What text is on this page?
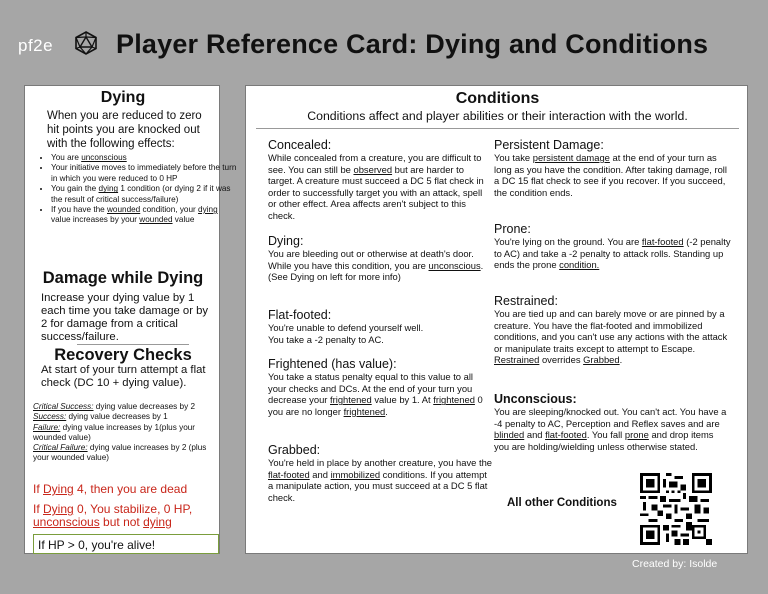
pf2e Player Reference Card: Dying and Conditions
Dying
When you are reduced to zero hit points you are knocked out with the following effects:
• You are unconscious
• Your initiative moves to immediately before the turn in which you were reduced to 0 HP
• You gain the dying 1 condition (or dying 2 if it was the result of critical success/failure)
• If you have the wounded condition, your dying value increases by your wounded value
Damage while Dying
Increase your dying value by 1 each time you take damage or by 2 for damage from a critical success/failure.
Recovery Checks
At start of your turn attempt a flat check (DC 10 + dying value).
Critical Success: dying value decreases by 2
Success: dying value decreases by 1
Failure: dying value increases by 1(plus your wounded value)
Critical Failure: dying value increases by 2 (plus your wounded value)
If Dying 4, then you are dead
If Dying 0, You stabilize, 0 HP, unconscious but not dying
If HP > 0, you're alive!
Conditions
Conditions affect and player abilities or their interaction with the world.
Concealed:

While concealed from a creature, you are difficult to see. You can still be observed but are harder to target. A creature must succeed a DC 5 flat check in order to successfully target you with an attack, spell or other effect. Area affects aren't subject to this check.

Dying:

You are bleeding out or otherwise at death's door. While you have this condition, you are unconscious.

(See Dying on left for more info)

Flat-footed:

You're unable to defend yourself well.

You take a -2 penalty to AC.

Frightened (has value):

You take a status penalty equal to this value to all your checks and DCs. At the end of your turn you decrease your frightened value by 1. At frightened 0

you are no longer frightened.

Grabbed:

You're held in place by another creature, you have the flat-footed and immobilized conditions. If you attempt a manipulate action, you must succeed at a DC 5 flat check.

Persistent Damage:

You take persistent damage at the end of your turn as long as you have the condition. After taking damage, roll a DC 15 flat check to see if you recover. If you succeed, the condition ends.

Prone:

You're lying on the ground. You are flat-footed (-2 penalty to AC) and take a -2 penalty to attack rolls. Standing up ends the prone condition.

Restrained:

You are tied up and can barely move or are pinned by a creature. You have the flat-footed and immobilized conditions, and you can't use any actions with the attack or manipulate traits except to attempt to Escape. Restrained overrides Grabbed.

Unconscious:

You are sleeping/knocked out. You can't act. You have a -4 penalty to AC, Perception and Reflex saves and are blinded and flat-footed. You fall prone and drop items you are holding/wielding unless otherwise stated.

All other Conditions
Created by: Isolde
